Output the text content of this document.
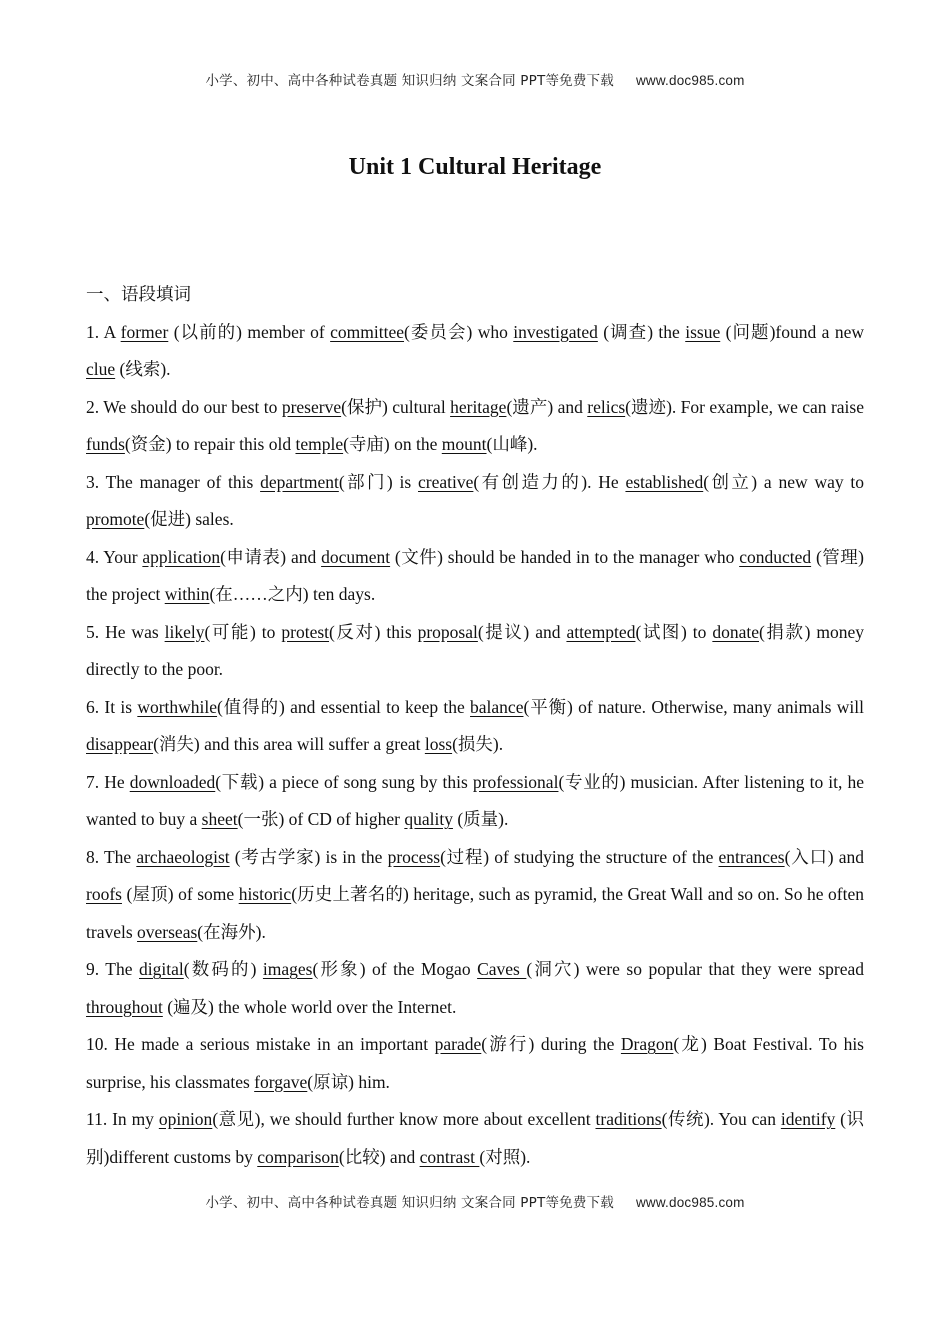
小学、初中、高中各种试卷真题 知识归纳 文案合同 PPT等免费下载 www.doc985.com
Unit 1 Cultural Heritage
一、语段填词

1. A former (以前的) member of committee(委员会) who investigated (调查) the issue (问题)found a new clue (线索).

2. We should do our best to preserve(保护) cultural heritage(遗产) and relics(遗迹). For example, we can raise funds(资金) to repair this old temple(寺庙) on the mount(山峰).

3. The manager of this department(部门) is creative(有创造力的). He established(创立) a new way to promote(促进) sales.

4. Your application(申请表) and document (文件) should be handed in to the manager who conducted (管理) the project within(在……之内) ten days.

5. He was likely(可能) to protest(反对) this proposal(提议) and attempted(试图) to donate(捐款) money directly to the poor.

6. It is worthwhile(值得的) and essential to keep the balance(平衡) of nature. Otherwise, many animals will disappear(消失) and this area will suffer a great loss(损失).

7. He downloaded(下载) a piece of song sung by this professional(专业的) musician. After listening to it, he wanted to buy a sheet(一张) of CD of higher quality (质量).

8. The archaeologist (考古学家) is in the process(过程) of studying the structure of the entrances(入口) and roofs (屋顶) of some historic(历史上著名的) heritage, such as pyramid, the Great Wall and so on. So he often travels overseas(在海外).

9. The digital(数码的) images(形象) of the Mogao Caves (洞穴) were so popular that they were spread throughout (遍及) the whole world over the Internet.

10. He made a serious mistake in an important parade(游行) during the Dragon(龙) Boat Festival. To his surprise, his classmates forgave(原谅) him.

11. In my opinion(意见), we should further know more about excellent traditions(传统). You can identify (识别)different customs by comparison(比较) and contrast (对照).

小学、初中、高中各种试卷真题 知识归纳 文案合同 PPT等免费下载 www.doc985.com
